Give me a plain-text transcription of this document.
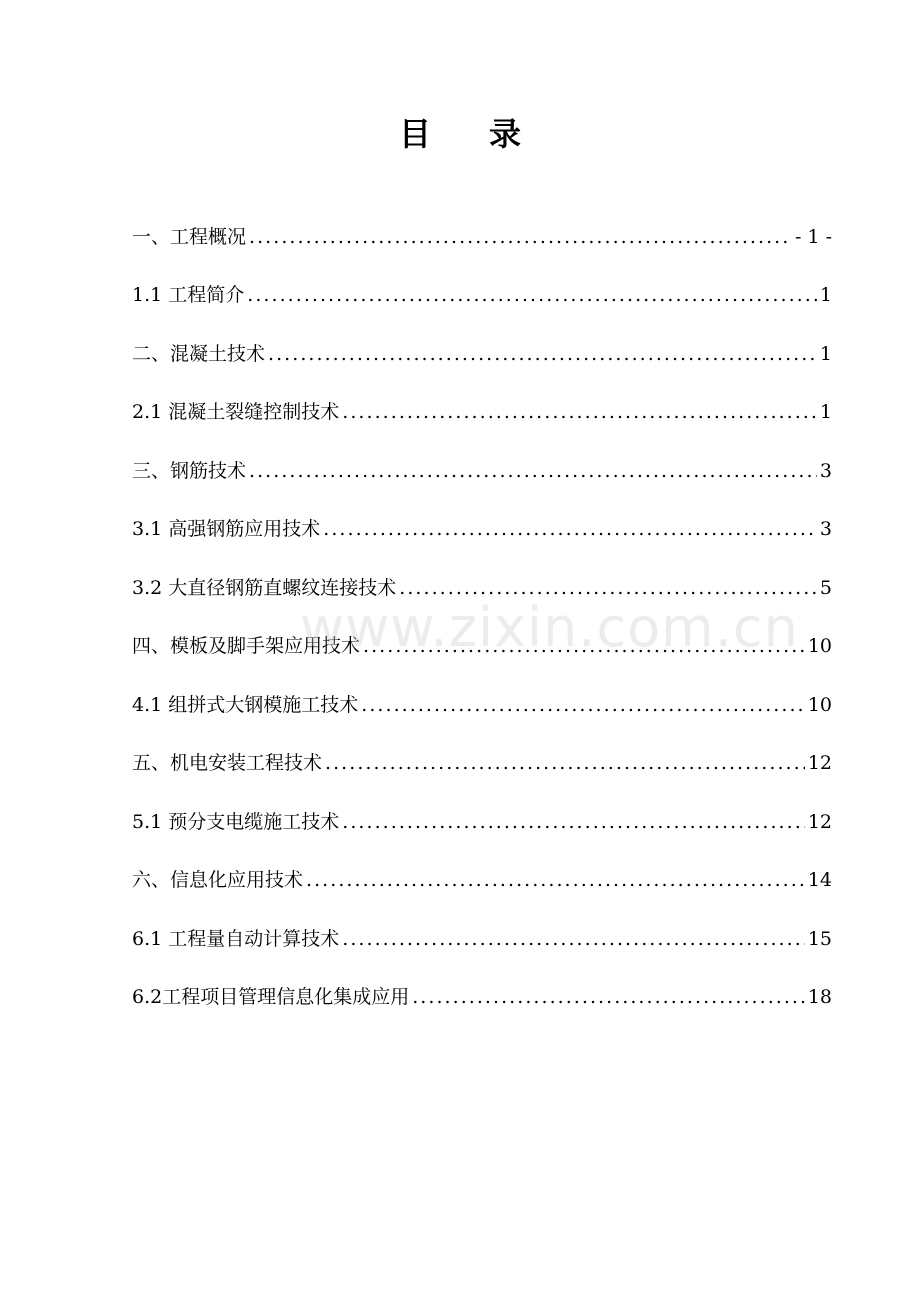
目 录
一、工程概况 . . .	- 1 -
1.1 工程简介 . . .	1
二、混凝土技术 . . .	1
2.1 混凝土裂缝控制技术 . . .	1
三、钢筋技术 . . .	3
3.1 高强钢筋应用技术 . . .	3
3.2 大直径钢筋直螺纹连接技术 . . .	5
四、模板及脚手架应用技术 . . .	10
4.1 组拼式大钢模施工技术 . . .	10
五、机电安装工程技术 . . .	12
5.1 预分支电缆施工技术 . . .	12
六、信息化应用技术 . . .	14
6.1 工程量自动计算技术 . . .	15
6.2工程项目管理信息化集成应用 . . .	18
www.zixin.com.cn
